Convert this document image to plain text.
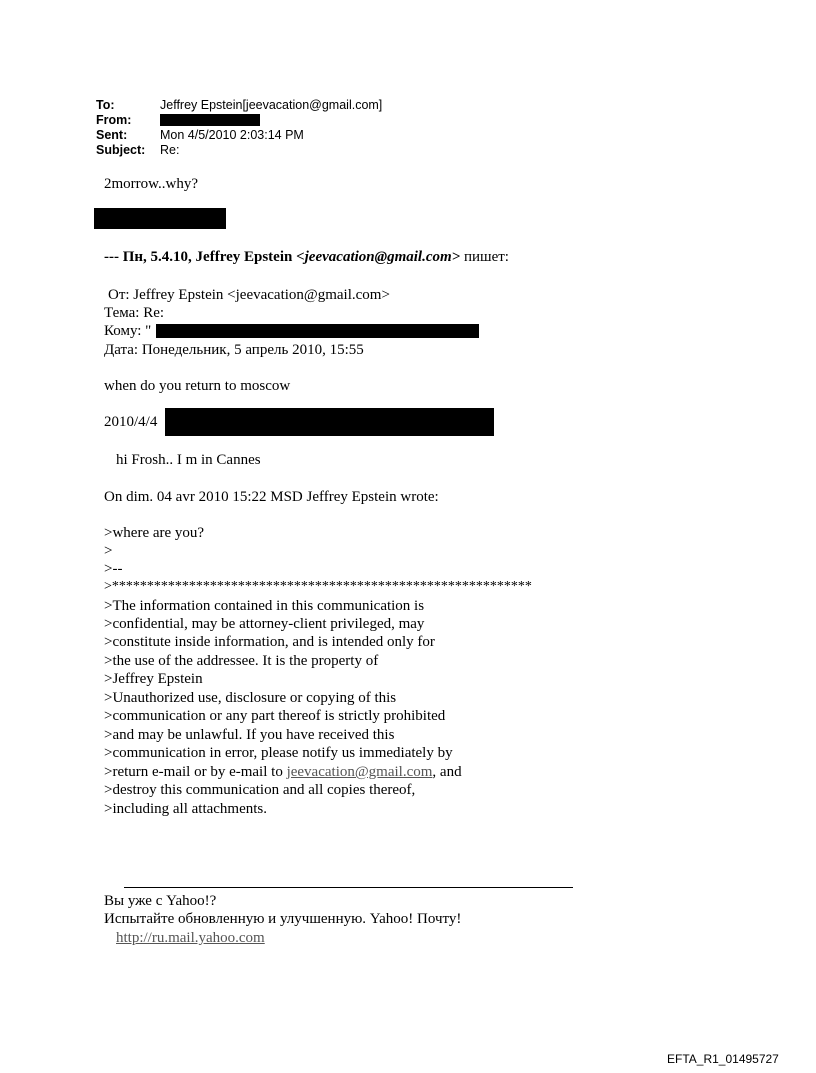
To:	Jeffrey Epstein[jeevacation@gmail.com]
From:
Sent:	Mon 4/5/2010 2:03:14 PM
Subject: Re:
2morrow..why?
--- Пн, 5.4.10, Jeffrey Epstein <jeevacation@gmail.com> пишет:
От: Jeffrey Epstein <jeevacation@gmail.com>
Тема: Re:
Кому: "
Дата: Понедельник, 5 апрель 2010, 15:55
when do you return to moscow
2010/4/4
hi Frosh.. I m in Cannes
On dim. 04 avr 2010 15:22 MSD Jeffrey Epstein wrote:
>where are you?
>
>--
>************************************************************
>The information contained in this communication is
>confidential, may be attorney-client privileged, may
>constitute inside information, and is intended only for
>the use of the addressee. It is the property of
>Jeffrey Epstein
>Unauthorized use, disclosure or copying of this
>communication or any part thereof is strictly prohibited
>and may be unlawful. If you have received this
>communication in error, please notify us immediately by
>return e-mail or by e-mail to jeevacation@gmail.com, and
>destroy this communication and all copies thereof,
>including all attachments.
Вы уже с Yahoo!?
Испытайте обновленную и улучшенную. Yahoo! Почту!
http://ru.mail.yahoo.com
EFTA_R1_01495727
